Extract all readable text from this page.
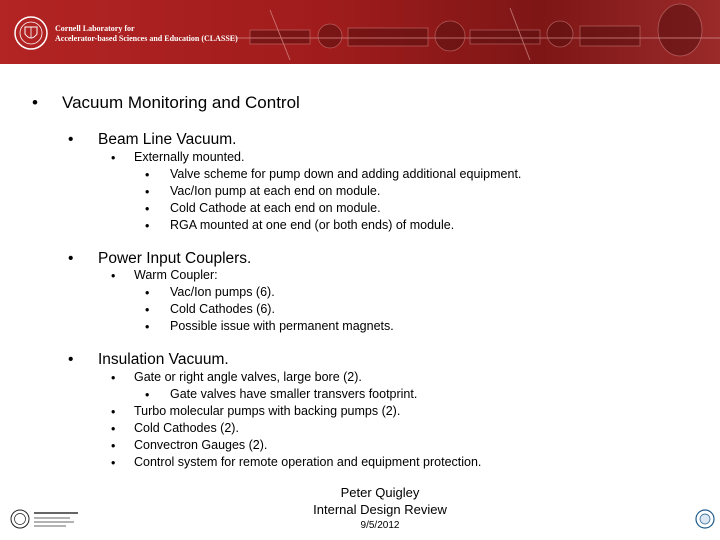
Cornell Laboratory for
Accelerator-based Sciences and Education (CLASSE)
• Vacuum Monitoring and Control
• Beam Line Vacuum.
• Externally mounted.
• Valve scheme for pump down and adding additional equipment.
• Vac/Ion pump at each end on module.
• Cold Cathode at each end on module.
• RGA mounted at one end (or both ends) of module.
• Power Input Couplers.
• Warm Coupler:
• Vac/Ion pumps (6).
• Cold Cathodes (6).
• Possible issue with permanent magnets.
• Insulation Vacuum.
• Gate or right angle valves, large bore (2).
• Gate valves have smaller transvers footprint.
• Turbo molecular pumps with backing pumps (2).
• Cold Cathodes (2).
• Convectron Gauges (2).
• Control system for remote operation and equipment protection.
Peter Quigley
Internal Design Review
9/5/2012
